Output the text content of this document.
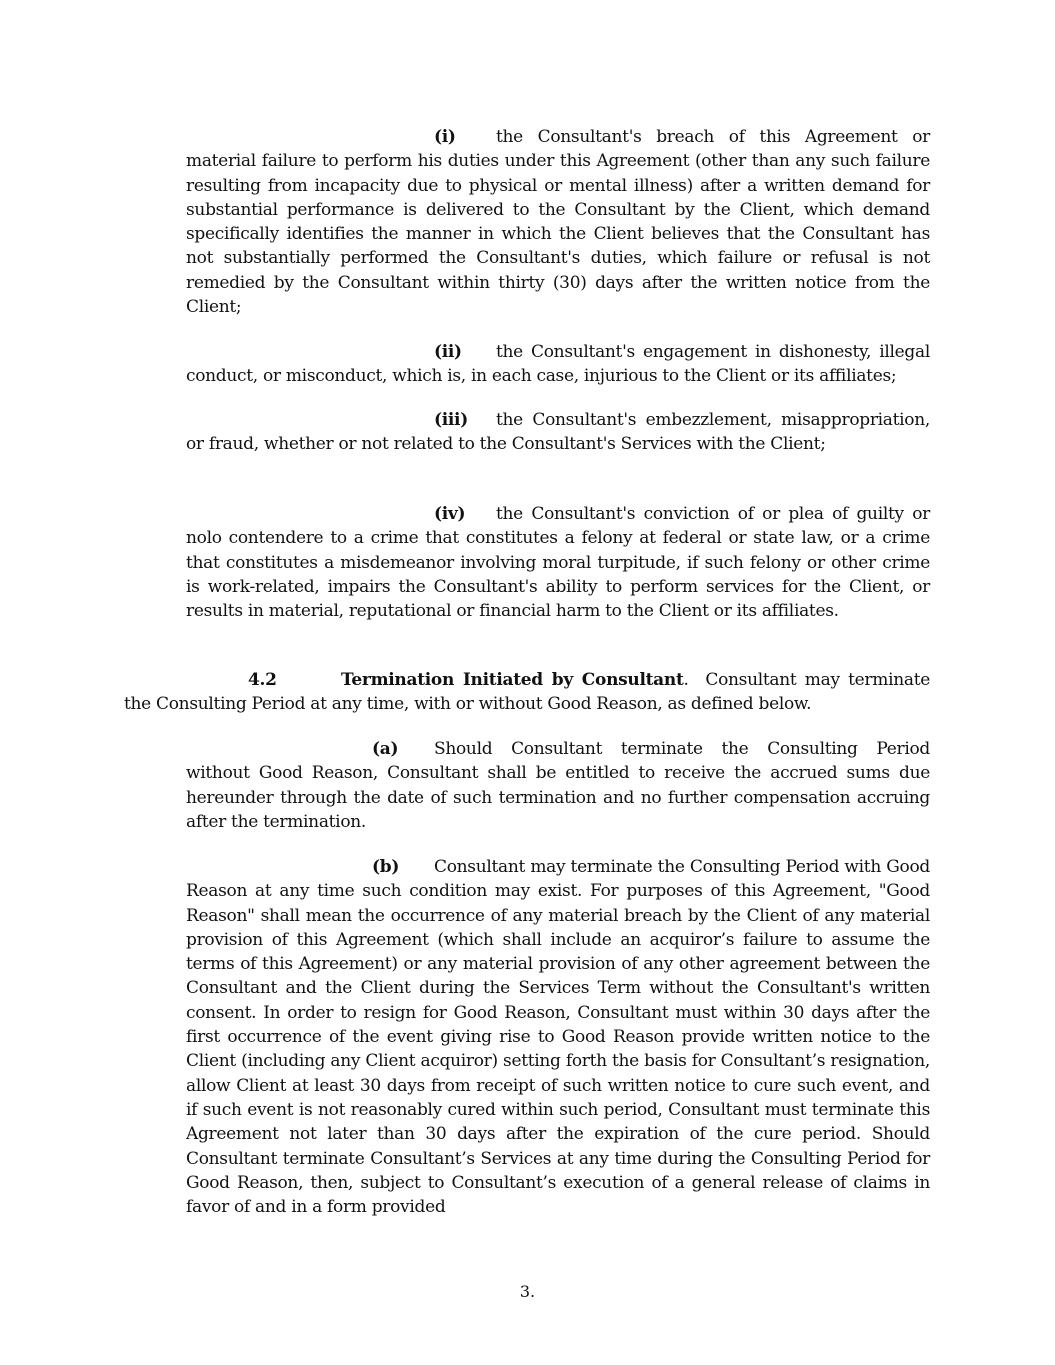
(i) the Consultant's breach of this Agreement or material failure to perform his duties under this Agreement (other than any such failure resulting from incapacity due to physical or mental illness) after a written demand for substantial performance is delivered to the Consultant by the Client, which demand specifically identifies the manner in which the Client believes that the Consultant has not substantially performed the Consultant's duties, which failure or refusal is not remedied by the Consultant within thirty (30) days after the written notice from the Client;

(ii) the Consultant's engagement in dishonesty, illegal conduct, or misconduct, which is, in each case, injurious to the Client or its affiliates;

(iii) the Consultant's embezzlement, misappropriation, or fraud, whether or not related to the Consultant's Services with the Client;

(iv) the Consultant's conviction of or plea of guilty or nolo contendere to a crime that constitutes a felony at federal or state law, or a crime that constitutes a misdemeanor involving moral turpitude, if such felony or other crime is work-related, impairs the Consultant's ability to perform services for the Client, or results in material, reputational or financial harm to the Client or its affiliates.

4.2	Termination Initiated by Consultant. Consultant may terminate the Consulting Period at any time, with or without Good Reason, as defined below.

(a) Should Consultant terminate the Consulting Period without Good Reason, Consultant shall be entitled to receive the accrued sums due hereunder through the date of such termination and no further compensation accruing after the termination.

(b) Consultant may terminate the Consulting Period with Good Reason at any time such condition may exist. For purposes of this Agreement, "Good Reason" shall mean the occurrence of any material breach by the Client of any material provision of this Agreement (which shall include an acquiror’s failure to assume the terms of this Agreement) or any material provision of any other agreement between the Consultant and the Client during the Services Term without the Consultant's written consent. In order to resign for Good Reason, Consultant must within 30 days after the first occurrence of the event giving rise to Good Reason provide written notice to the Client (including any Client acquiror) setting forth the basis for Consultant’s resignation, allow Client at least 30 days from receipt of such written notice to cure such event, and if such event is not reasonably cured within such period, Consultant must terminate this Agreement not later than 30 days after the expiration of the cure period. Should Consultant terminate Consultant’s Services at any time during the Consulting Period for Good Reason, then, subject to Consultant’s execution of a general release of claims in favor of and in a form provided

3.
